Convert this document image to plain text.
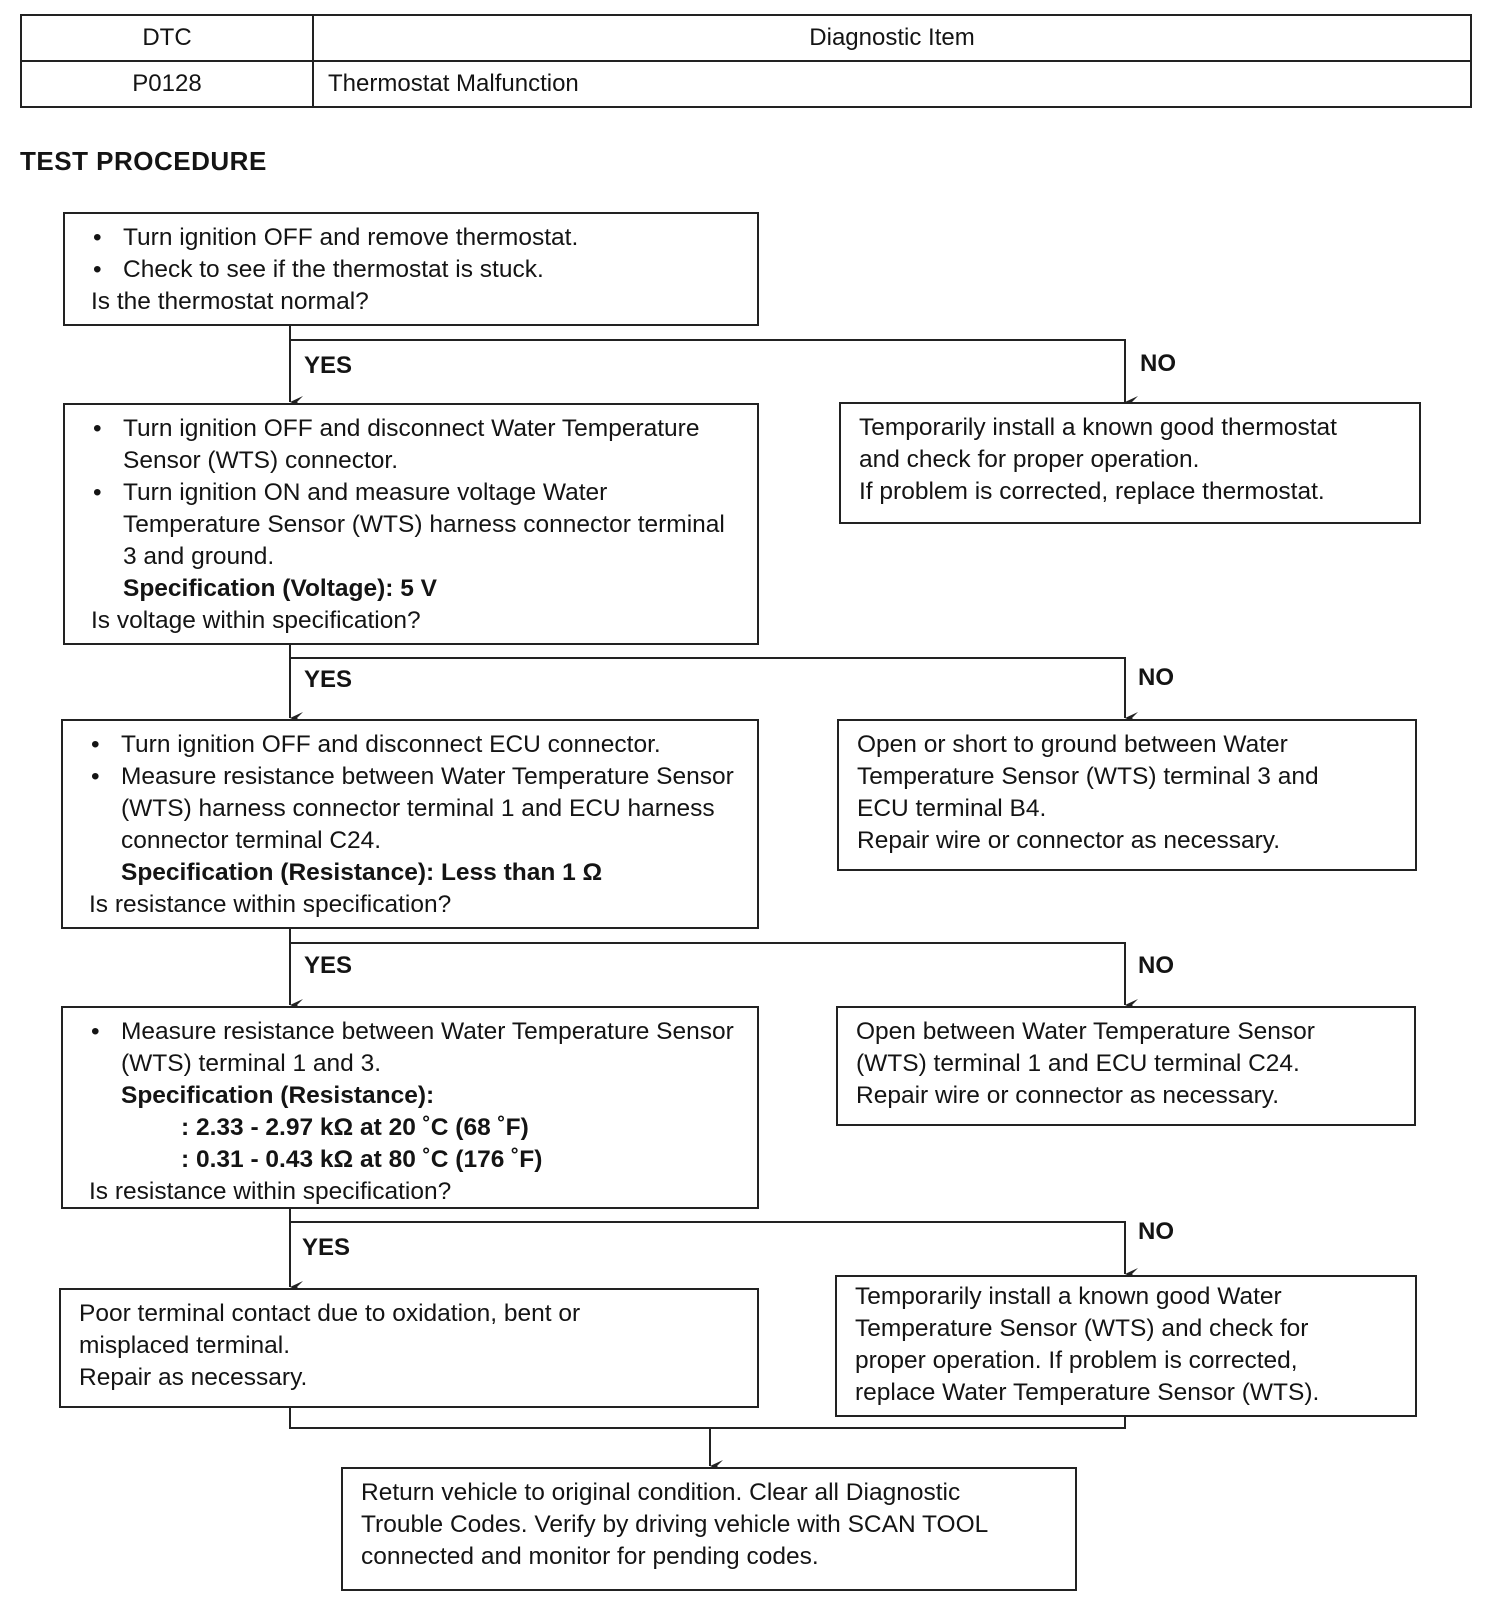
DTC	Diagnostic Item
P0128	Thermostat Malfunction
TEST PROCEDURE
YES	NO
YES	NO
YES	NO
YES
NO
• Turn ignition OFF and remove thermostat.
• Check to see if the thermostat is stuck.
Is the thermostat normal?
Temporarily install a known good thermostat
and check for proper operation.
If problem is corrected, replace thermostat.
• Turn ignition OFF and disconnect Water Temperature Sensor (WTS) connector.
• Turn ignition ON and measure voltage Water Temperature Sensor (WTS) harness connector terminal 3 and ground.
Specification (Voltage): 5 V
Is voltage within specification?
Open or short to ground between Water
Temperature Sensor (WTS) terminal 3 and
ECU terminal B4.
Repair wire or connector as necessary.
• Turn ignition OFF and disconnect ECU connector.
• Measure resistance between Water Temperature Sensor (WTS) harness connector terminal 1 and ECU harness connector terminal C24.
Specification (Resistance): Less than 1 Ω
Is resistance within specification?
Open between Water Temperature Sensor
(WTS) terminal 1 and ECU terminal C24.
Repair wire or connector as necessary.
• Measure resistance between Water Temperature Sensor (WTS) terminal 1 and 3.
Specification (Resistance):
: 2.33 - 2.97 kΩ at 20 ˚C (68 ˚F)
: 0.31 - 0.43 kΩ at 80 ˚C (176 ˚F)
Is resistance within specification?
Temporarily install a known good Water
Temperature Sensor (WTS) and check for
proper operation. If problem is corrected,
replace Water Temperature Sensor (WTS).
Poor terminal contact due to oxidation, bent or
misplaced terminal.
Repair as necessary.
Return vehicle to original condition. Clear all Diagnostic
Trouble Codes. Verify by driving vehicle with SCAN TOOL
connected and monitor for pending codes.
